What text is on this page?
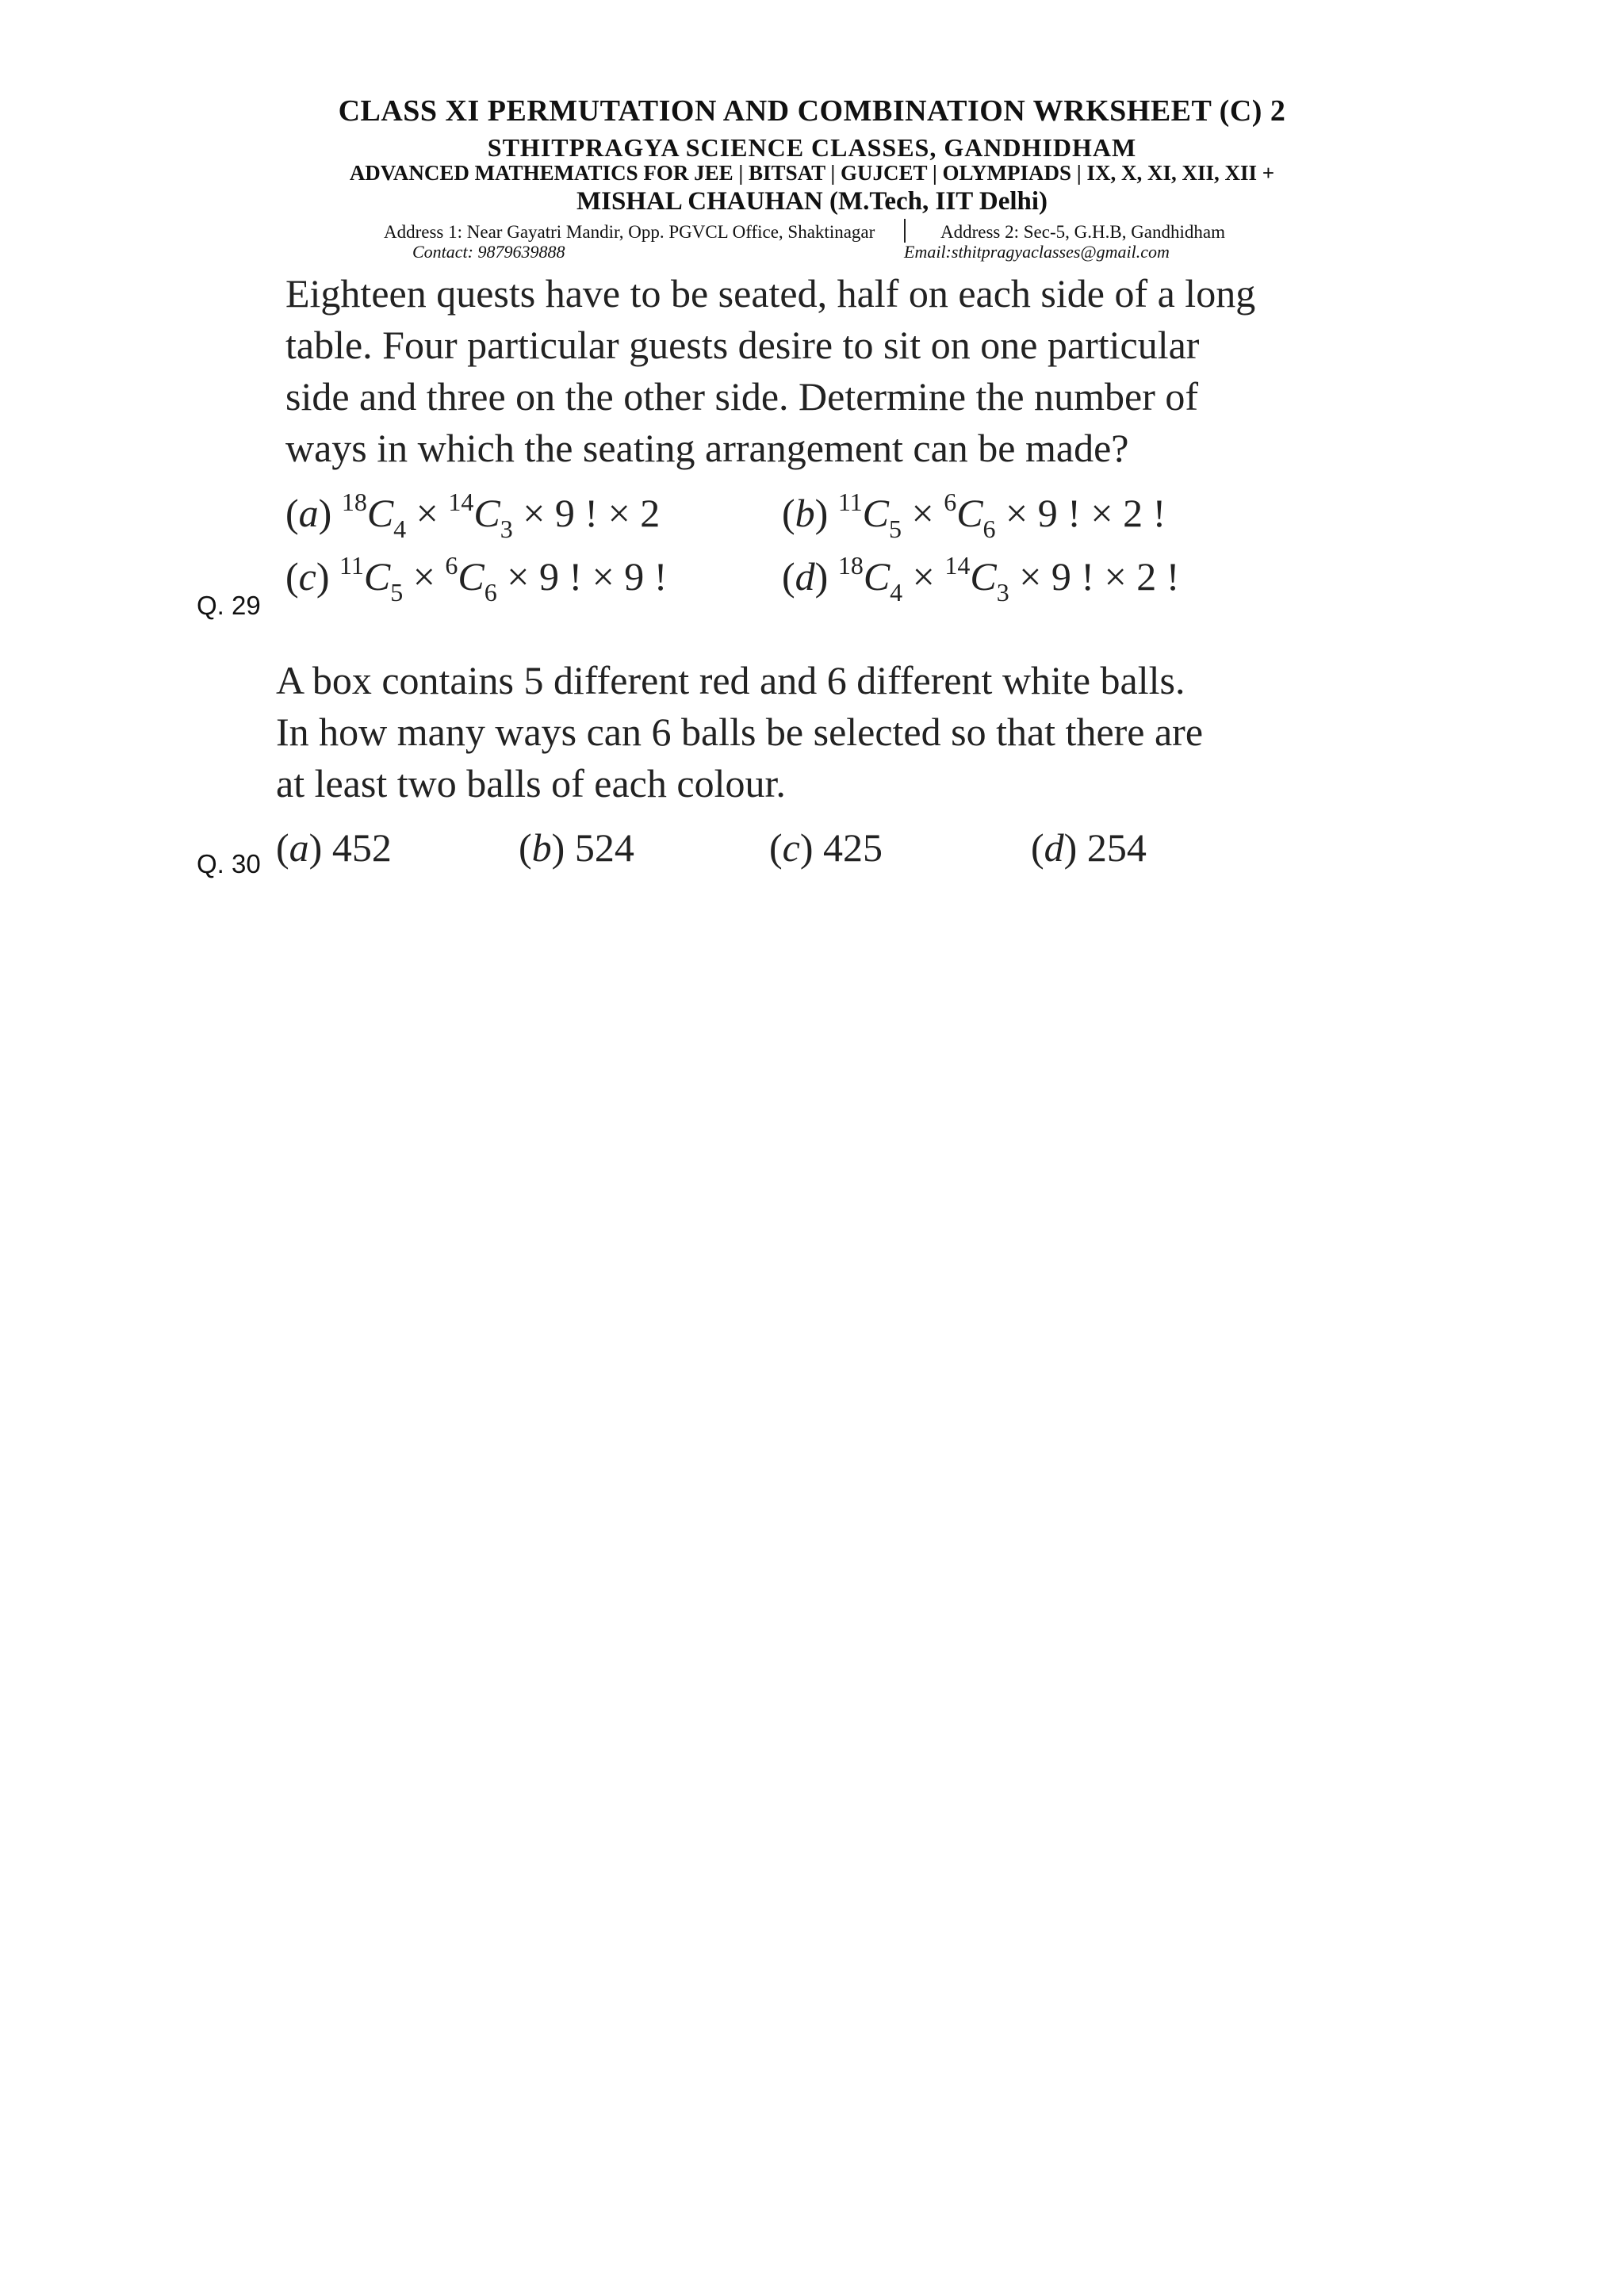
CLASS XI PERMUTATION AND COMBINATION WRKSHEET (C) 2
STHITPRAGYA SCIENCE CLASSES, GANDHIDHAM
ADVANCED MATHEMATICS FOR JEE | BITSAT | GUJCET | OLYMPIADS | IX, X, XI, XII, XII +
MISHAL CHAUHAN (M.Tech, IIT Delhi)
Address 1: Near Gayatri Mandir, Opp. PGVCL Office, Shaktinagar	Address 2: Sec-5, G.H.B, Gandhidham
Contact: 9879639888	Email:sthitpragyaclasses@gmail.com
Eighteen quests have to be seated, half on each side of a long
table. Four particular guests desire to sit on one particular
side and three on the other side. Determine the number of
ways in which the seating arrangement can be made?
(a) $^{18}C_4 \times ^{14}C_3 \times 9$ ! × 2	(b) $^{11}C_5 \times ^6C_6 \times 9$ ! × 2 !
(c) $^{11}C_5 \times ^6C_6 \times 9$ ! × 9 !	(d) $^{18}C_4 \times ^{14}C_3 \times 9$ ! × 2 !
Q. 29
A box contains 5 different red and 6 different white balls.
In how many ways can 6 balls be selected so that there are
at least two balls of each colour.
(a) 452	(b) 524	(c) 425	(d) 254
Q. 30
